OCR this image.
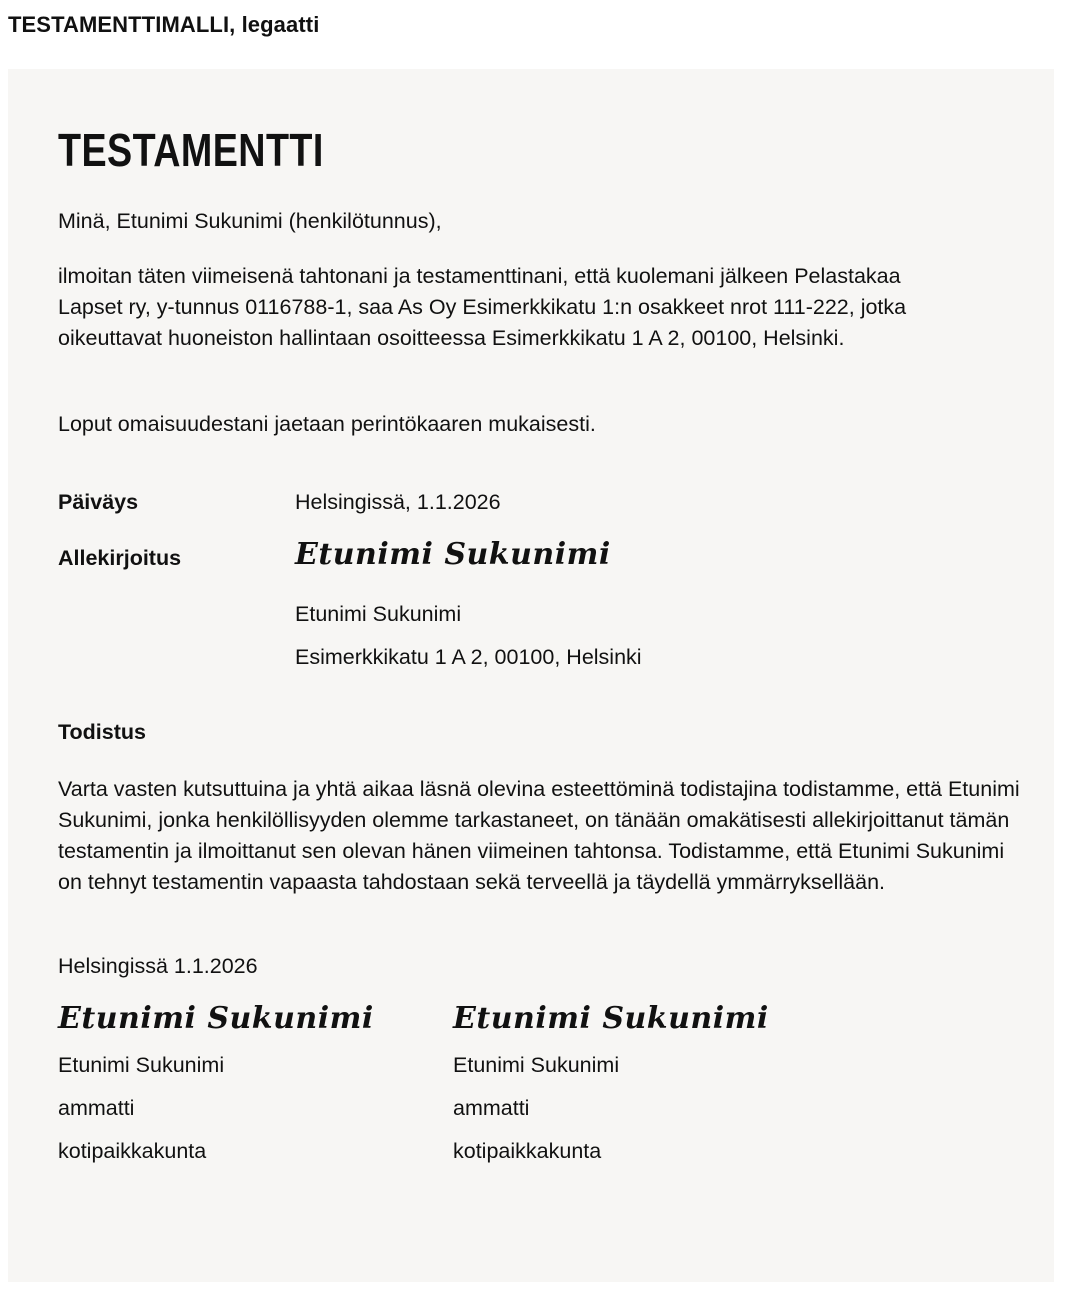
TESTAMENTTIMALLI, legaatti
TESTAMENTTI

Minä, Etunimi Sukunimi (henkilötunnus),

ilmoitan täten viimeisenä tahtonani ja testamenttinani, että kuolemani jälkeen Pelastakaa Lapset ry, y-tunnus 0116788-1, saa As Oy Esimerkkikatu 1:n osakkeet nrot 111-222, jotka oikeuttavat huoneiston hallintaan osoitteessa Esimerkkikatu 1 A 2, 00100, Helsinki.

Loput omaisuudestani jaetaan perintökaaren mukaisesti.

Päiväys	Helsingissä, 1.1.2026
Allekirjoitus	Etunimi Sukunimi
Etunimi Sukunimi
Esimerkkikatu 1 A 2, 00100, Helsinki
Todistus

Varta vasten kutsuttuina ja yhtä aikaa läsnä olevina esteettöminä todistajina todistamme, että Etunimi Sukunimi, jonka henkilöllisyyden olemme tarkastaneet, on tänään omakätisesti allekirjoittanut tämän testamentin ja ilmoittanut sen olevan hänen viimeinen tahtonsa. Todistamme, että Etunimi Sukunimi on tehnyt testamentin vapaasta tahdostaan sekä terveellä ja täydellä ymmärryksellään.

Helsingissä 1.1.2026
Etunimi Sukunimi
Etunimi Sukunimi
ammatti
kotipaikkakunta
Etunimi Sukunimi
Etunimi Sukunimi
ammatti
kotipaikkakunta
